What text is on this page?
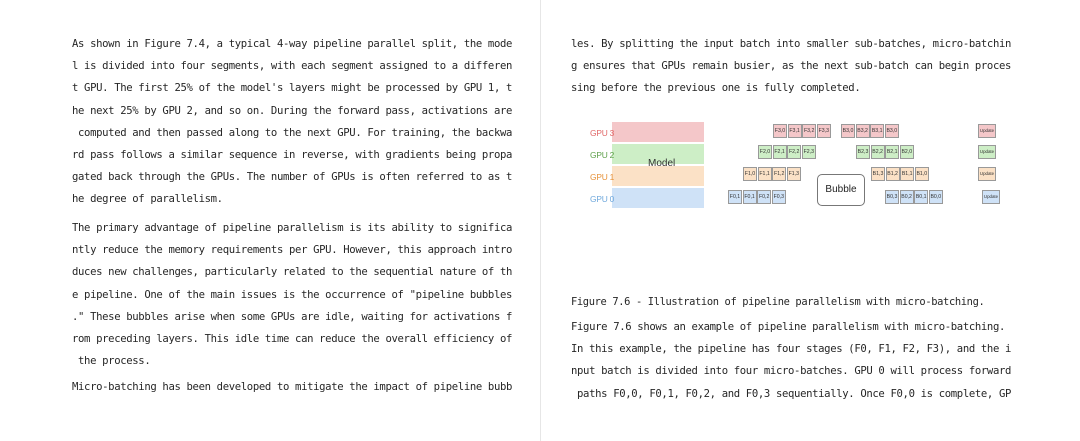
As shown in Figure 7.4, a typical 4-way pipeline parallel split, the mode
l is divided into four segments, with each segment assigned to a differen
t GPU. The first 25% of the model's layers might be processed by GPU 1, t
he next 25% by GPU 2, and so on. During the forward pass, activations are
computed and then passed along to the next GPU. For training, the backwa
rd pass follows a similar sequence in reverse, with gradients being propa
gated back through the GPUs. The number of GPUs is often referred to as t
he degree of parallelism.
The primary advantage of pipeline parallelism is its ability to significa
ntly reduce the memory requirements per GPU. However, this approach intro
duces new challenges, particularly related to the sequential nature of th
e pipeline. One of the main issues is the occurrence of "pipeline bubbles
." These bubbles arise when some GPUs are idle, waiting for activations f
rom preceding layers. This idle time can reduce the overall efficiency of
the process.
Micro-batching has been developed to mitigate the impact of pipeline bubb
les. By splitting the input batch into smaller sub-batches, micro-batchin
g ensures that GPUs remain busier, as the next sub-batch can begin proces
sing before the previous one is fully completed.
Figure 7.6 - Illustration of pipeline parallelism with micro-batching.
Figure 7.6 shows an example of pipeline parallelism with micro-batching.
In this example, the pipeline has four stages (F0, F1, F2, F3), and the i
nput batch is divided into four micro-batches. GPU 0 will process forward
paths F0,0, F0,1, F0,2, and F0,3 sequentially. Once F0,0 is complete, GP
Bubble
GPU 3
GPU 2
GPU 1
GPU 0
Model
F3,0 F3,1 F3,2 F3,3	B3,0 B3,2 B3,1 B3,0	Update
F2,0 F2,1 F2,2 F2,3	B2,3 B2,2 B2,1 B2,0	Update
F1,0 F1,1 F1,2 F1,3	B1,3 B1,2 B1,1 B1,0	Update
F0,1 F0,1 F0,2 F0,3	B0,3 B0,2 B0,1 B0,0	Update
